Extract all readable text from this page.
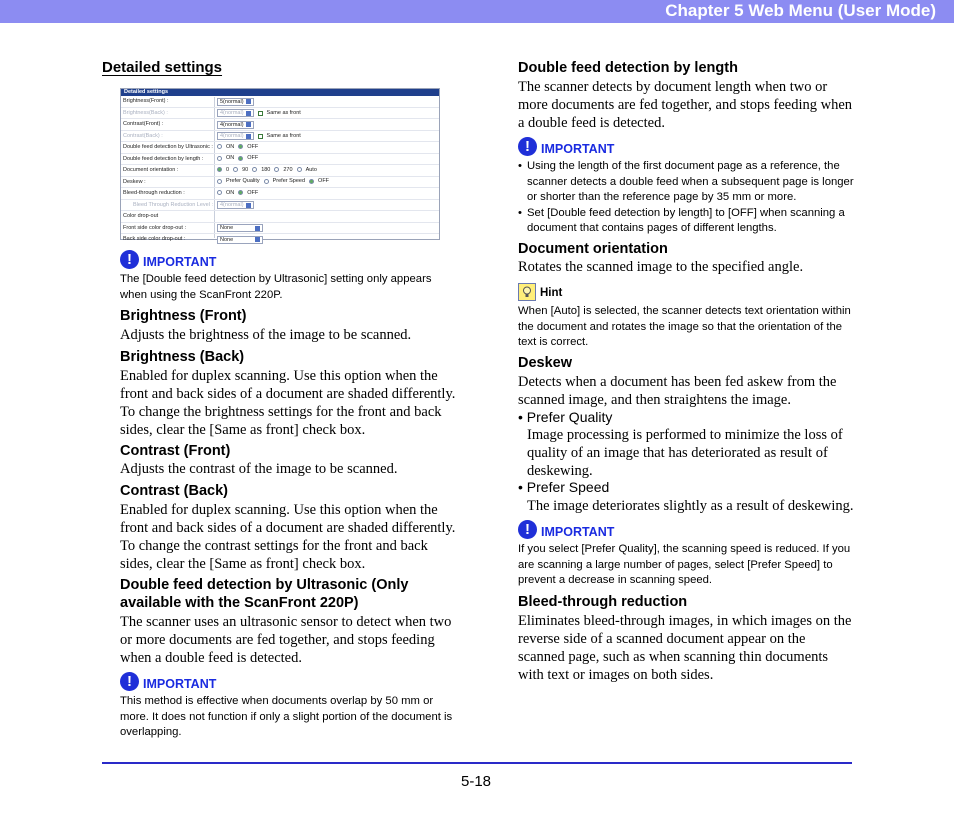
Chapter 5 Web Menu (User Mode)
Detailed settings
Detailed settings
Brightness(Front) :	5(normal)
Brightness(Back) :	4(normal)	Same as front
Contrast(Front) :	4(normal)
Contrast(Back) :	4(normal)	Same as front
Double feed detection by Ultrasonic : ON OFF
Double feed detection by length :	ON OFF
Document orientation :	0 90 180 270 Auto
Deskew :	Prefer Quality Prefer Speed OFF
Bleed-through reduction :	ON OFF
Bleed Through Reduction Level : 4(normal)
Color drop-out
Front side color drop-out :	None
Back side color drop-out :	None
! IMPORTANT
The [Double feed detection by Ultrasonic] setting only appears when using the ScanFront 220P.
Brightness (Front)
Adjusts the brightness of the image to be scanned.
Brightness (Back)
Enabled for duplex scanning. Use this option when the front and back sides of a document are shaded differently. To change the brightness settings for the front and back sides, clear the [Same as front] check box.
Contrast (Front)
Adjusts the contrast of the image to be scanned.
Contrast (Back)
Enabled for duplex scanning. Use this option when the front and back sides of a document are shaded differently. To change the contrast settings for the front and back sides, clear the [Same as front] check box.
Double feed detection by Ultrasonic (Only available with the ScanFront 220P)
The scanner uses an ultrasonic sensor to detect when two or more documents are fed together, and stops feeding when a double feed is detected.
! IMPORTANT
This method is effective when documents overlap by 50 mm or more. It does not function if only a slight portion of the document is overlapping.
Double feed detection by length
The scanner detects by document length when two or more documents are fed together, and stops feeding when a double feed is detected.
! IMPORTANT
• Using the length of the first document page as a reference, the scanner detects a double feed when a subsequent page is longer or shorter than the reference page by 35 mm or more.
• Set [Double feed detection by length] to [OFF] when scanning a document that contains pages of different lengths.
Document orientation
Rotates the scanned image to the specified angle.
Hint
When [Auto] is selected, the scanner detects text orientation within the document and rotates the image so that the orientation of the text is correct.
Deskew
Detects when a document has been fed askew from the scanned image, and then straightens the image.
• Prefer Quality
Image processing is performed to minimize the loss of quality of an image that has deteriorated as result of deskewing.
• Prefer Speed
The image deteriorates slightly as a result of deskewing.
! IMPORTANT
If you select [Prefer Quality], the scanning speed is reduced. If you are scanning a large number of pages, select [Prefer Speed] to prevent a decrease in scanning speed.
Bleed-through reduction
Eliminates bleed-through images, in which images on the reverse side of a scanned document appear on the scanned page, such as when scanning thin documents with text or images on both sides.
5-18
